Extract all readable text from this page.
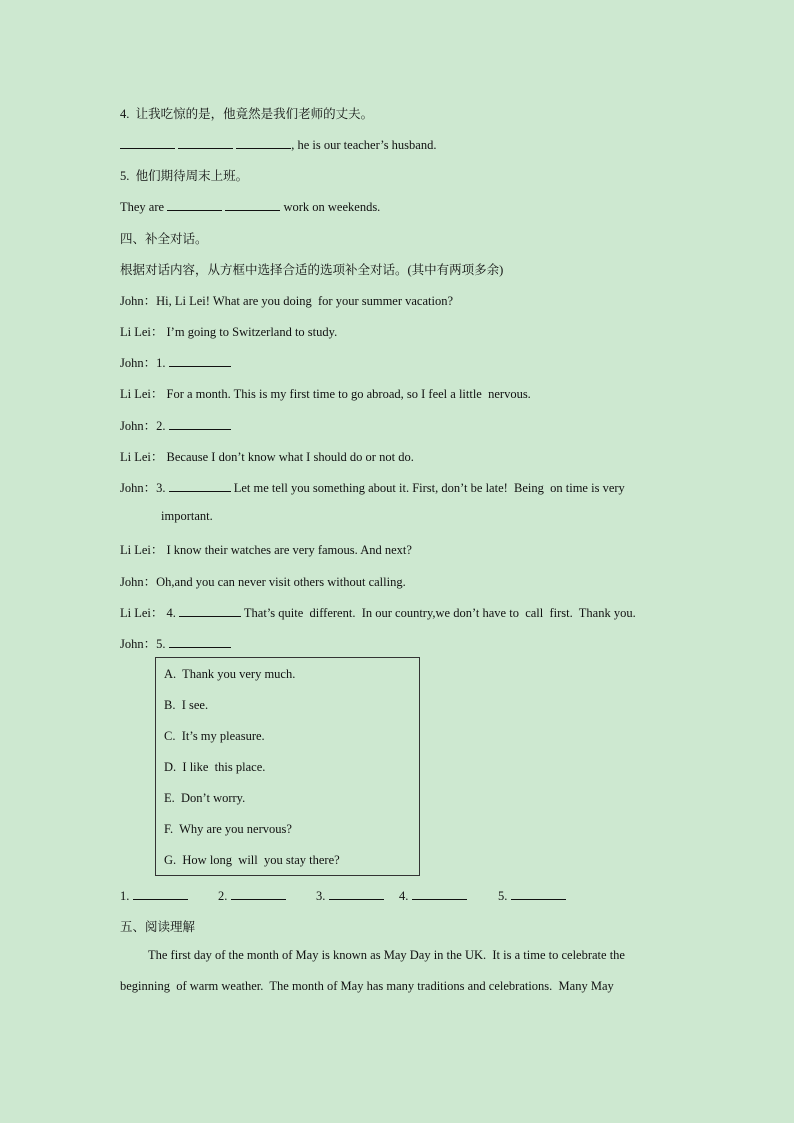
4.  让我吃惊的是，他竟然是我们老师的丈夫。
, he is our teacher’s husband.
5.  他们期待周末上班。
They are	work on weekends.
四、补全对话。
根据对话内容，从方框中选择合适的选项补全对话。(其中有两项多余)
John：Hi, Li Lei! What are you doing  for your summer vacation?
Li Lei： I’m going to Switzerland to study.
John：1.
Li Lei： For a month. This is my first time to go abroad, so I feel a little  nervous.
John：2.
Li Lei： Because I don’t know what I should do or not do.
John：3.	Let me tell you something about it. First, don’t be late!  Being  on time is very
important.
Li Lei： I know their watches are very famous. And next?
John：Oh,and you can never visit others without calling.
Li Lei： 4.	That’s quite  different.  In our country,we don’t have to  call  first.  Thank you.
John：5.
A.  Thank you very much.
B.  I see.
C.  It’s my pleasure.
D.  I like  this place.
E.  Don’t worry.
F.  Why are you nervous?
G.  How long  will  you stay there?
1.	2.	3.	4.	5.
五、阅读理解
The first day of the month of May is known as May Day in the UK.  It is a time to celebrate the
beginning  of warm weather.  The month of May has many traditions and celebrations.  Many May
